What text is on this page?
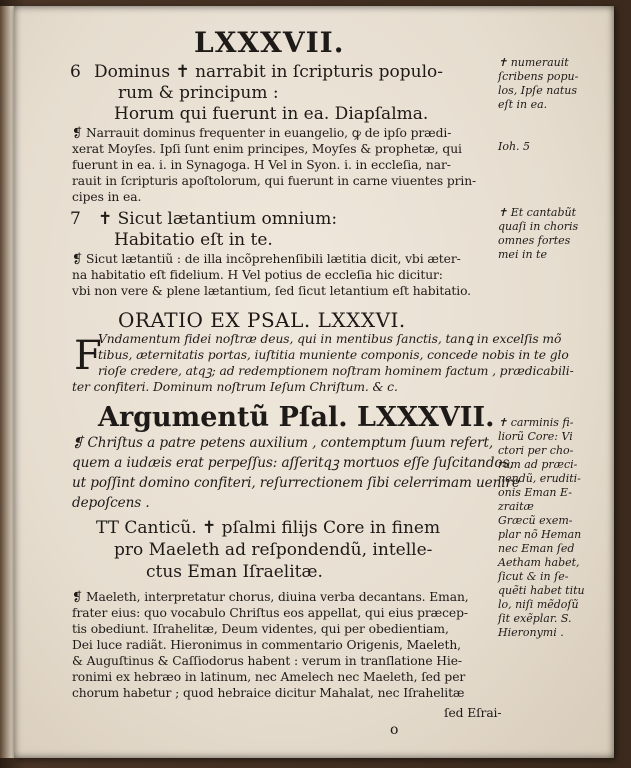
LXXXVII.
6 Dominus ✝ narrabit in ſcripturis populo-
rum & principum :
Horum qui fuerunt in ea. Diapſalma.
❡ Narrauit dominus frequenter in euangelio, ꝙ de ipſo prædi-
xerat Moyſes. Ipſi ſunt enim principes, Moyſes & prophetæ, qui
fuerunt in ea. i. in Synagoga. H Vel in Syon. i. in eccleſia, nar-
rauit in ſcripturis apoſtolorum, qui fuerunt in carne viuentes prin-
cipes in ea.
7 ✝ Sicut lætantium omnium:
Habitatio eſt in te.
❡ Sicut lætantiũ : de illa incõprehenſibili lætitia dicit, vbi æter-
na habitatio eſt fidelium. H Vel potius de eccleſia hic dicitur:
vbi non vere & plene lætantium, ſed ſicut letantium eſt habitatio.
ORATIO EX PSAL. LXXXVI.
F
Vndamentum fidei noſtræ deus, qui in mentibus ſanctis, tanꝗ in excelſis mõ
tibus, æternitatis portas, iuſtitia muniente componis, concede nobis in te glo
rioſe credere, atqꝫ; ad redemptionem noſtram hominem factum , prædicabili-
ter confiteri. Dominum noſtrum Ieſum Chriſtum. & c.
Argumentũ Pſal. LXXXVII.
❡ Chriſtus a patre petens auxilium , contemptum ſuum refert,
quem a iudæis erat perpeſſus: aſſeritqꝫ mortuos eſſe ſuſcitandos,
ut poſſint domino confiteri, reſurrectionem ſibi celerrimam uenire
depoſcens .
TT Canticũ. ✝ pſalmi filijs Core in finem
pro Maeleth ad reſpondendũ, intelle-
ctus Eman Iſraelitæ.
❡ Maeleth, interpretatur chorus, diuina verba decantans. Eman,
frater eius: quo vocabulo Chriſtus eos appellat, qui eius præcep-
tis obediunt. Iſrahelitæ, Deum videntes, qui per obedientiam,
Dei luce radiãt. Hieronimus in commentario Origenis, Maeleth,
& Auguſtinus & Caſſiodorus habent : verum in tranſlatione Hie-
ronimi ex hebræo in latinum, nec Amelech nec Maeleth, ſed per
chorum habetur ; quod hebraice dicitur Mahalat, nec Iſrahelitæ
o
ſed Eſrai-
✝ numerauit
ſcribens popu-
los, Ipſe natus
eſt in ea.
Ioh. 5
✝ Et cantabũt
quaſi in choris
omnes fortes
mei in te
✝ carminis fi-
liorũ Core: Vi
ctori per cho-
rum ad præci-
nendũ, eruditi-
onis Eman E-
zraitæ
Græcũ exem-
plar nõ Heman
nec Eman ſed
Aetham habet,
ſicut & in ſe-
quẽti habet titu
lo, niſi mẽdoſũ
ſit exẽplar. S.
Hieronymi .
